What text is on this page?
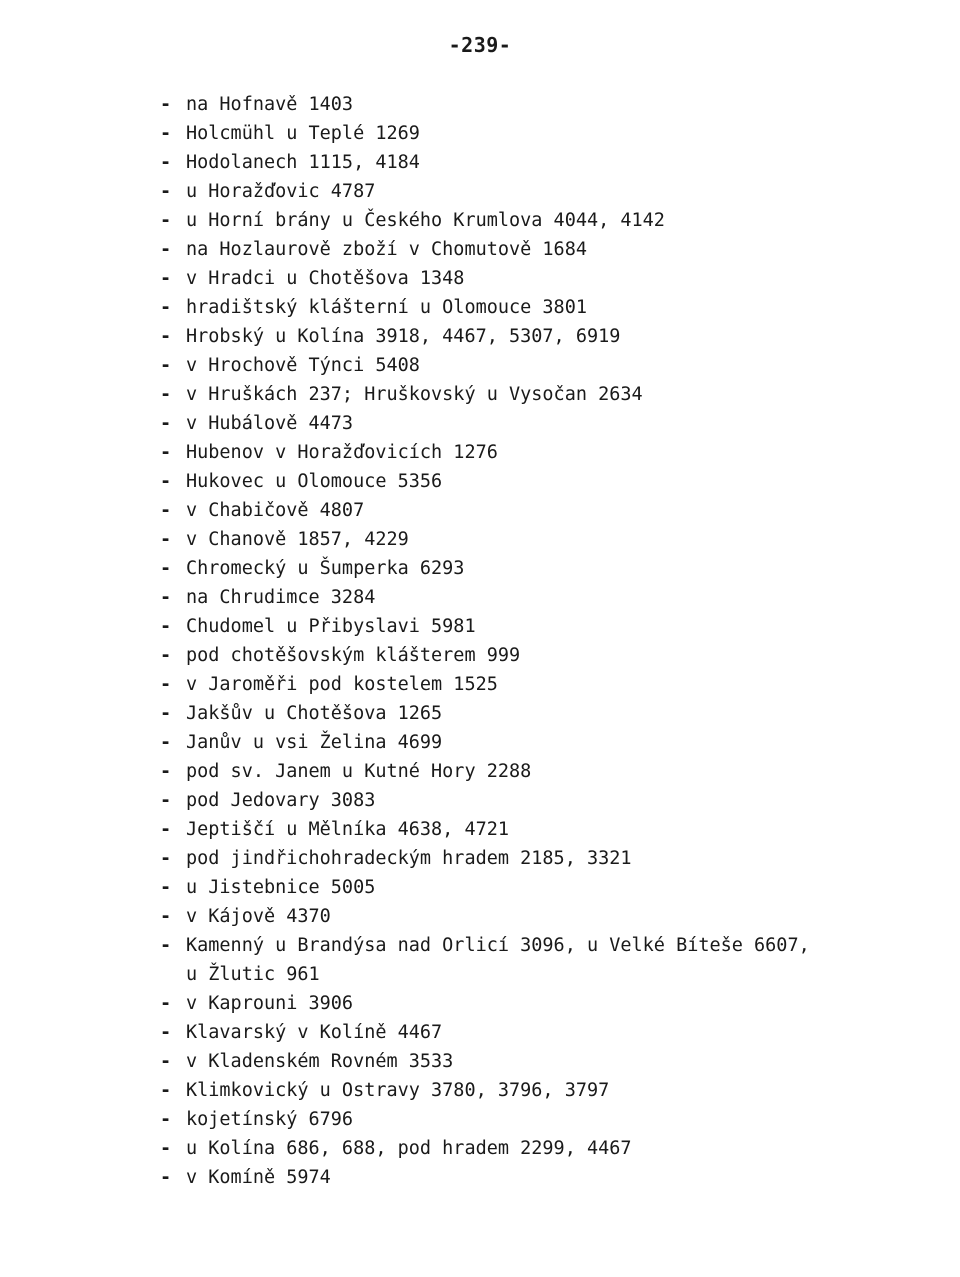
-239-
- na Hofnavě 1403
- Holcmühl u Teplé 1269
- Hodolanech 1115, 4184
- u Horažďovic 4787
- u Horní brány u Českého Krumlova 4044, 4142
- na Hozlaurově zboží v Chomutově 1684
- v Hradci u Chotěšova 1348
- hradištský klášterní u Olomouce 3801
- Hrobský u Kolína 3918, 4467, 5307, 6919
- v Hrochově Týnci 5408
- v Hruškách 237; Hruškovský u Vysočan 2634
- v Hubálově 4473
- Hubenov v Horažďovicích 1276
- Hukovec u Olomouce 5356
- v Chabičově 4807
- v Chanově 1857, 4229
- Chromecký u Šumperka 6293
- na Chrudimce 3284
- Chudomel u Přibyslavi 5981
- pod chotěšovským klášterem 999
- v Jaroměři pod kostelem 1525
- Jakšův u Chotěšova 1265
- Janův u vsi Želina 4699
- pod sv. Janem u Kutné Hory 2288
- pod Jedovary 3083
- Jeptiščí u Mělníka 4638, 4721
- pod jindřichohradeckým hradem 2185, 3321
- u Jistebnice 5005
- v Kájově 4370
- Kamenný u Brandýsa nad Orlicí 3096, u Velké Bíteše 6607,
u Žlutic 961
- v Kaprouni 3906
- Klavarský v Kolíně 4467
- v Kladenském Rovném 3533
- Klimkovický u Ostravy 3780, 3796, 3797
- kojetínský 6796
- u Kolína 686, 688, pod hradem 2299, 4467
- v Komíně 5974
